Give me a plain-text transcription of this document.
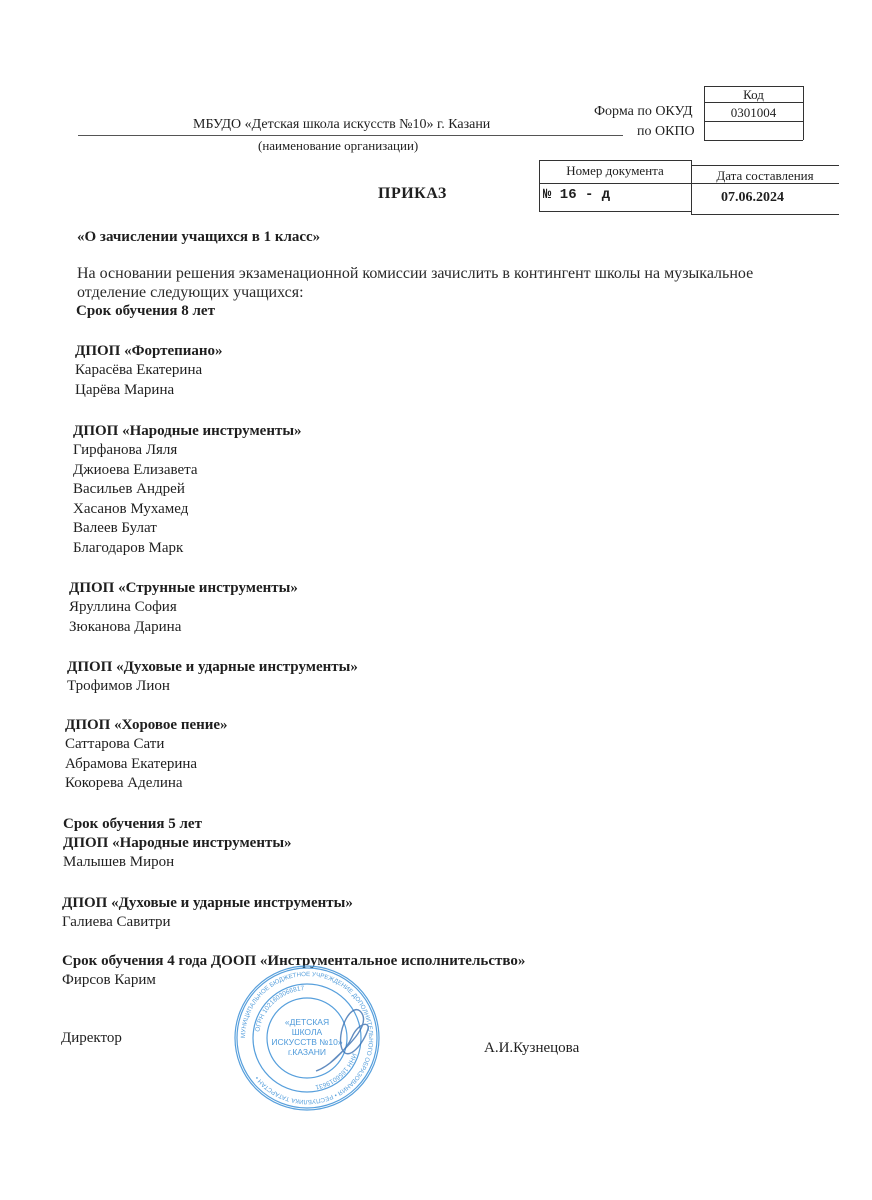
Код
0301004
Форма по ОКУД
по ОКПО
МБУДО «Детская школа искусств №10» г. Казани
(наименование организации)
ПРИКАЗ
Номер документа	Дата составления
№ 16 - д	07.06.2024
«О зачислении учащихся в 1 класс»
На основании решения экзаменационной комиссии зачислить в контингент школы на музыкальное
отделение следующих учащихся:
Срок обучения 8 лет
ДПОП «Фортепиано»
Карасёва Екатерина
Царёва Марина
ДПОП «Народные инструменты»
Гирфанова Ляля
Джиоева Елизавета
Васильев Андрей
Хасанов Мухамед
Валеев Булат
Благодаров Марк
ДПОП «Струнные инструменты»
Яруллина София
Зюканова Дарина
ДПОП «Духовые и ударные инструменты»
Трофимов Лион
ДПОП «Хоровое пение»
Саттарова Сати
Абрамова Екатерина
Кокорева Аделина
Срок обучения 5 лет
ДПОП «Народные инструменты»
Малышев Мирон
ДПОП «Духовые и ударные инструменты»
Галиева Савитри
Срок обучения 4 года ДООП «Инструментальное исполнительство»
Фирсов Карим
Директор
А.И.Кузнецова
МУНИЦИПАЛЬНОЕ БЮДЖЕТНОЕ УЧРЕЖДЕНИЕ ДОПОЛНИТЕЛЬНОГО ОБРАЗОВАНИЯ • РЕСПУБЛИКА ТАТАРСТАН •
ОГРН 1021603066817
ИНН 1656019631
«ДЕТСКАЯ
ШКОЛА
ИСКУССТВ №10»
г.КАЗАНИ
